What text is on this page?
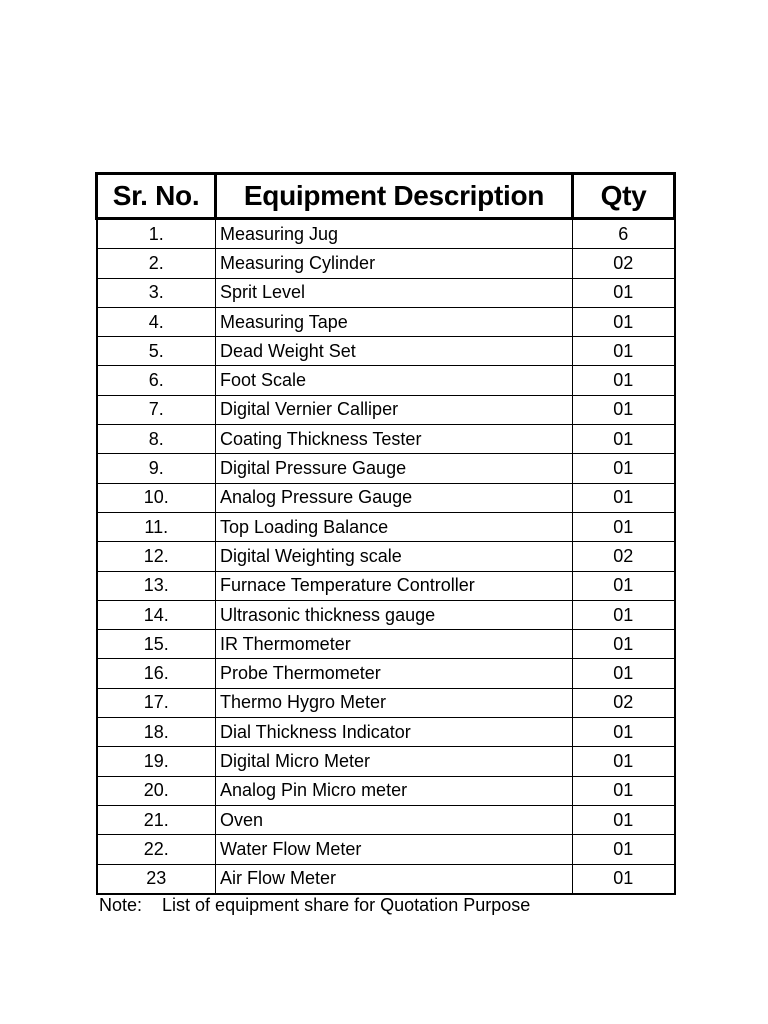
Sr. No.	Equipment Description	Qty
1.	Measuring Jug	6
2.	Measuring Cylinder	02
3.	Sprit Level	01
4.	Measuring Tape	01
5.	Dead Weight Set	01
6.	Foot Scale	01
7.	Digital Vernier Calliper	01
8.	Coating Thickness Tester	01
9.	Digital Pressure Gauge	01
10.	Analog Pressure Gauge	01
11.	Top Loading Balance	01
12.	Digital Weighting scale	02
13.	Furnace Temperature Controller	01
14.	Ultrasonic thickness gauge	01
15.	IR Thermometer	01
16.	Probe Thermometer	01
17.	Thermo Hygro Meter	02
18.	Dial Thickness Indicator	01
19.	Digital Micro Meter	01
20.	Analog Pin Micro meter	01
21.	Oven	01
22.	Water Flow Meter	01
23	Air Flow Meter	01
Note: List of equipment share for Quotation Purpose
